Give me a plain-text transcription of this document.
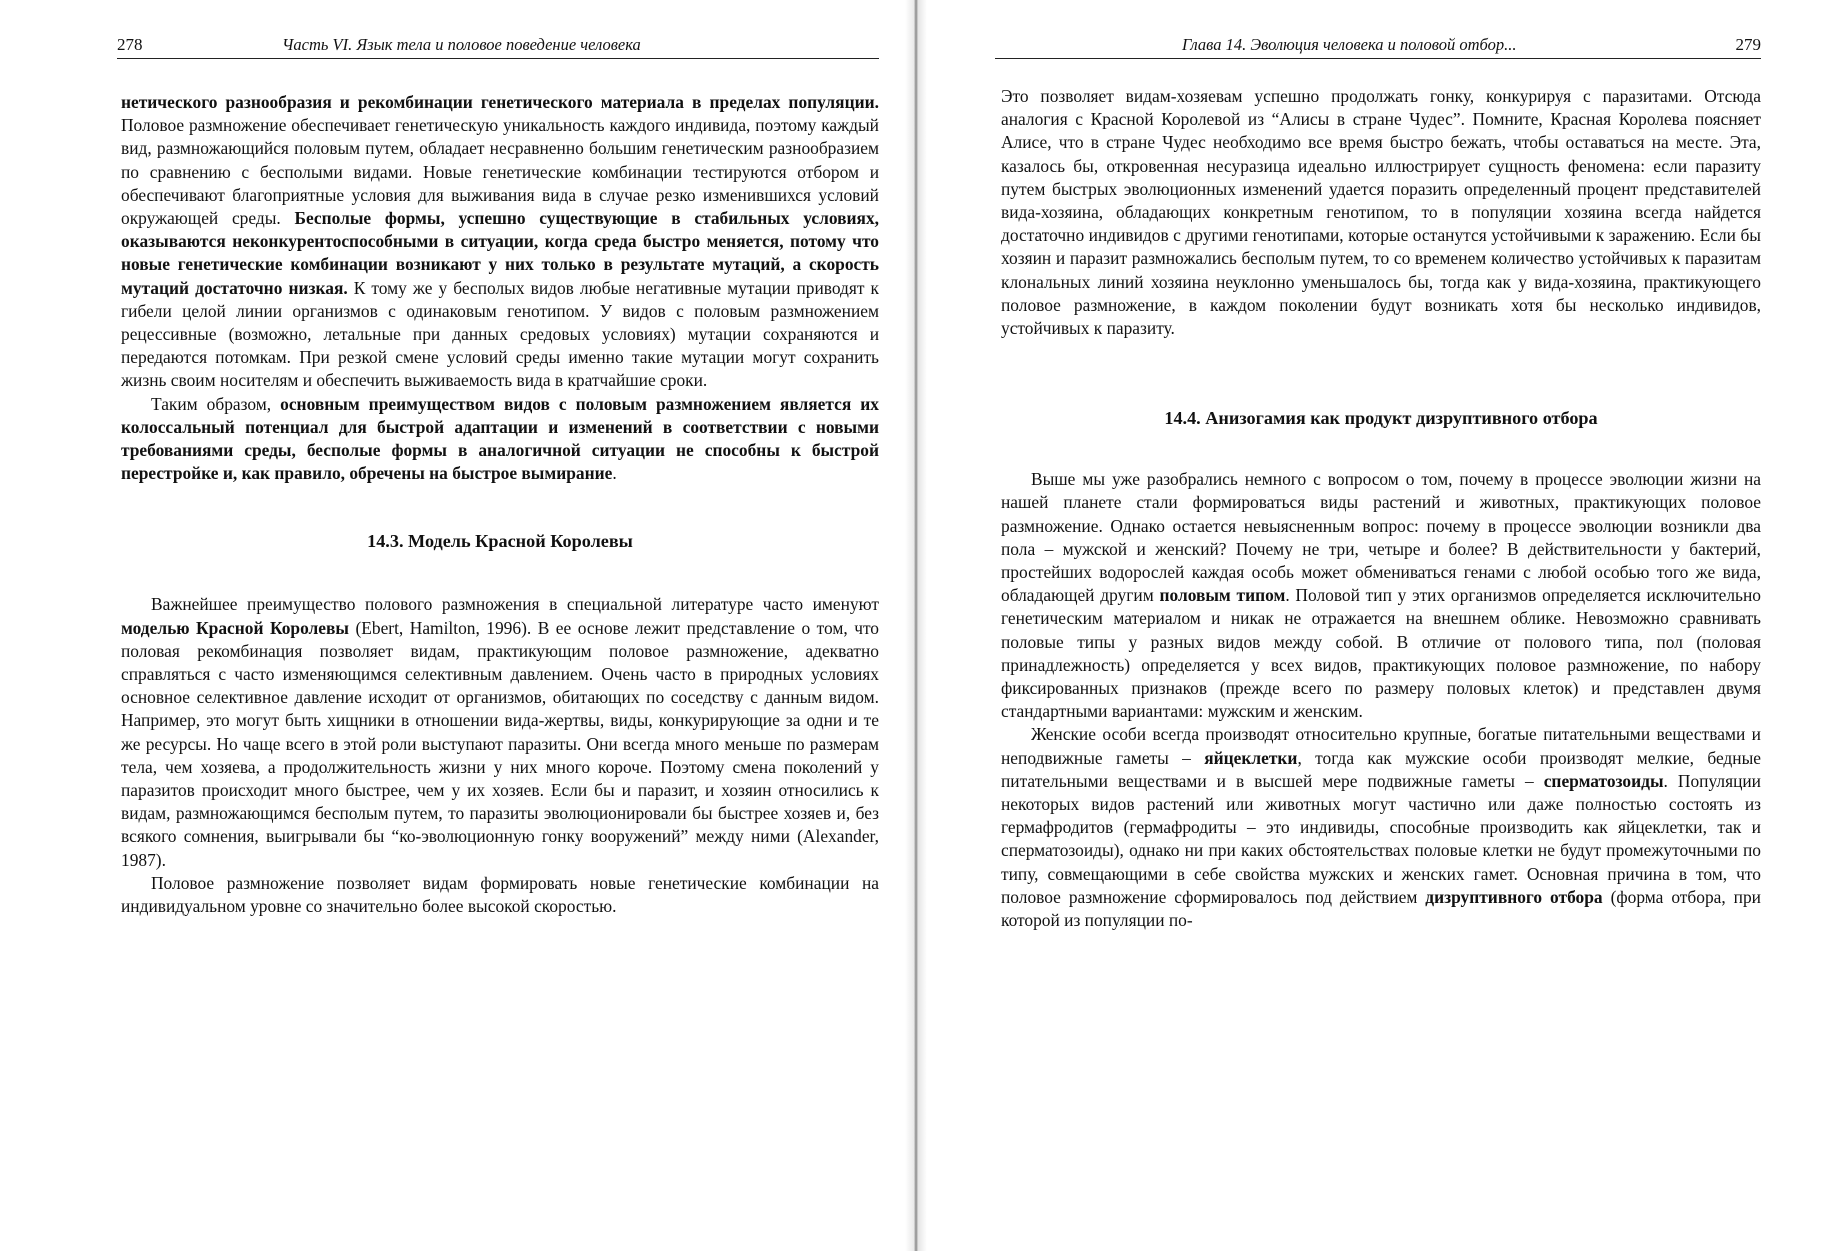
278	Часть VI. Язык тела и половое поведение человека

нетического разнообразия и рекомбинации генетического материала в пределах популяции. Половое размножение обеспечивает генетическую уникальность каждого индивида, поэтому каждый вид, размножающийся половым путем, обладает несравненно большим генетическим разнообразием по сравнению с бесполыми видами. Новые генетические комбинации тестируются отбором и обеспечивают благоприятные условия для выживания вида в случае резко изменившихся условий окружающей среды. Бесполые формы, успешно существующие в стабильных условиях, оказываются неконкурентоспособными в ситуации, когда среда быстро меняется, потому что новые генетические комбинации возникают у них только в результате мутаций, а скорость мутаций достаточно низкая. К тому же у бесполых видов любые негативные мутации приводят к гибели целой линии организмов с одинаковым генотипом. У видов с половым размножением рецессивные (возможно, летальные при данных средовых условиях) мутации сохраняются и передаются потомкам. При резкой смене условий среды именно такие мутации могут сохранить жизнь своим носителям и обеспечить выживаемость вида в кратчайшие сроки.

Таким образом, основным преимуществом видов с половым размножением является их колоссальный потенциал для быстрой адаптации и изменений в соответствии с новыми требованиями среды, бесполые формы в аналогичной ситуации не способны к быстрой перестройке и, как правило, обречены на быстрое вымирание.

14.3. Модель Красной Королевы

Важнейшее преимущество полового размножения в специальной литературе часто именуют моделью Красной Королевы (Ebert, Hamilton, 1996). В ее основе лежит представление о том, что половая рекомбинация позволяет видам, практикующим половое размножение, адекватно справляться с часто изменяющимся селективным давлением. Очень часто в природных условиях основное селективное давление исходит от организмов, обитающих по соседству с данным видом. Например, это могут быть хищники в отношении вида-жертвы, виды, конкурирующие за одни и те же ресурсы. Но чаще всего в этой роли выступают паразиты. Они всегда много меньше по размерам тела, чем хозяева, а продолжительность жизни у них много короче. Поэтому смена поколений у паразитов происходит много быстрее, чем у их хозяев. Если бы и паразит, и хозяин относились к видам, размножающимся бесполым путем, то паразиты эволюционировали бы быстрее хозяев и, без всякого сомнения, выигрывали бы “ко-эволюционную гонку вооружений” между ними (Alexander, 1987).

Половое размножение позволяет видам формировать новые генетические комбинации на индивидуальном уровне со значительно более высокой скоростью.

Глава 14. Эволюция человека и половой отбор...	279

Это позволяет видам-хозяевам успешно продолжать гонку, конкурируя с паразитами. Отсюда аналогия с Красной Королевой из “Алисы в стране Чудес”. Помните, Красная Королева поясняет Алисе, что в стране Чудес необходимо все время быстро бежать, чтобы оставаться на месте. Эта, казалось бы, откровенная несуразица идеально иллюстрирует сущность феномена: если паразиту путем быстрых эволюционных изменений удается поразить определенный процент представителей вида-хозяина, обладающих конкретным генотипом, то в популяции хозяина всегда найдется достаточно индивидов с другими генотипами, которые останутся устойчивыми к заражению. Если бы хозяин и паразит размножались бесполым путем, то со временем количество устойчивых к паразитам клональных линий хозяина неуклонно уменьшалось бы, тогда как у вида-хозяина, практикующего половое размножение, в каждом поколении будут возникать хотя бы несколько индивидов, устойчивых к паразиту.

14.4. Анизогамия как продукт дизруптивного отбора

Выше мы уже разобрались немного с вопросом о том, почему в процессе эволюции жизни на нашей планете стали формироваться виды растений и животных, практикующих половое размножение. Однако остается невыясненным вопрос: почему в процессе эволюции возникли два пола – мужской и женский? Почему не три, четыре и более? В действительности у бактерий, простейших водорослей каждая особь может обмениваться генами с любой особью того же вида, обладающей другим половым типом. Половой тип у этих организмов определяется исключительно генетическим материалом и никак не отражается на внешнем облике. Невозможно сравнивать половые типы у разных видов между собой. В отличие от полового типа, пол (половая принадлежность) определяется у всех видов, практикующих половое размножение, по набору фиксированных признаков (прежде всего по размеру половых клеток) и представлен двумя стандартными вариантами: мужским и женским.

Женские особи всегда производят относительно крупные, богатые питательными веществами и неподвижные гаметы – яйцеклетки, тогда как мужские особи производят мелкие, бедные питательными веществами и в высшей мере подвижные гаметы – сперматозоиды. Популяции некоторых видов растений или животных могут частично или даже полностью состоять из гермафродитов (гермафродиты – это индивиды, способные производить как яйцеклетки, так и сперматозоиды), однако ни при каких обстоятельствах половые клетки не будут промежуточными по типу, совмещающими в себе свойства мужских и женских гамет. Основная причина в том, что половое размножение сформировалось под действием дизруптивного отбора (форма отбора, при которой из популяции по-
